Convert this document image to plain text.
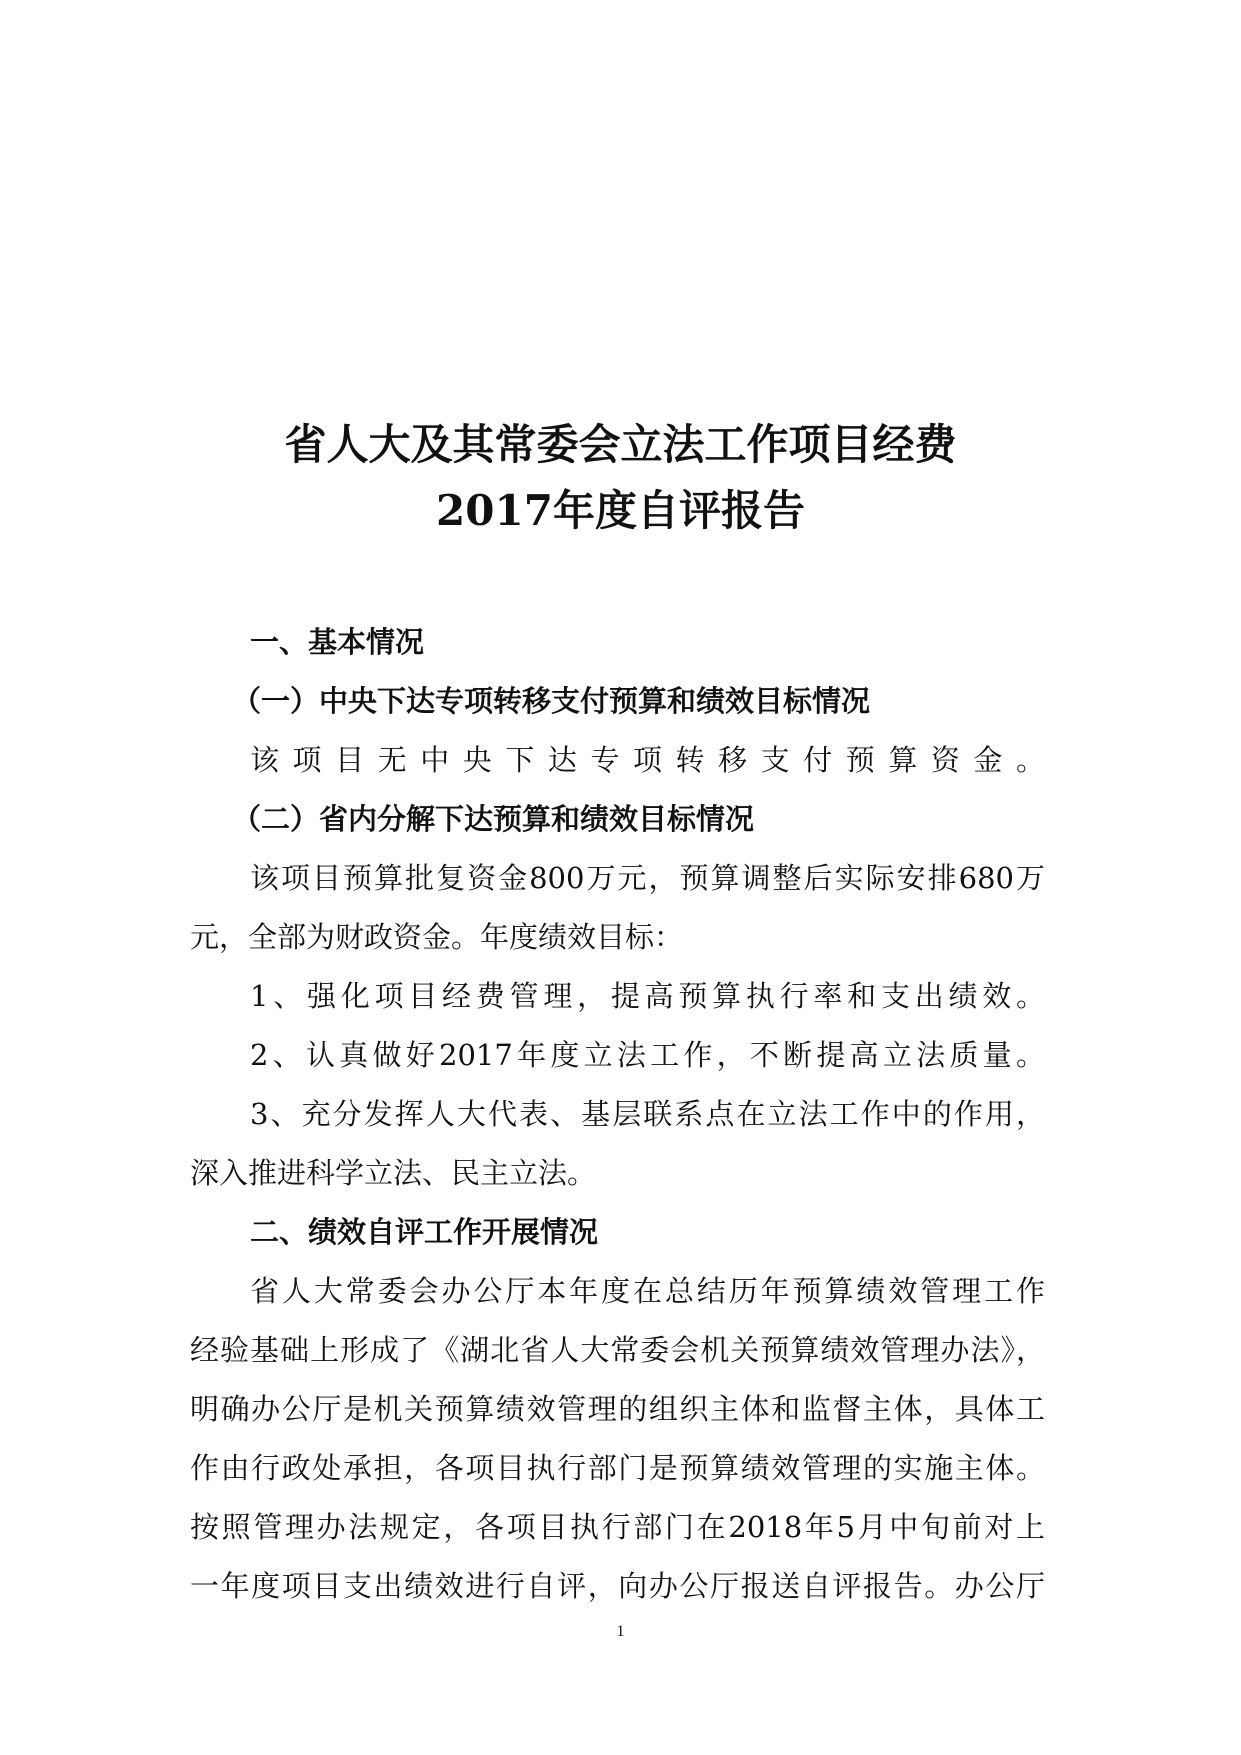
省人大及其常委会立法工作项目经费
2017年度自评报告
一、基本情况
（一）中央下达专项转移支付预算和绩效目标情况
该项目无中央下达专项转移支付预算资金。
（二）省内分解下达预算和绩效目标情况
该项目预算批复资金800万元，预算调整后实际安排680万
元，全部为财政资金。年度绩效目标：
1、强化项目经费管理，提高预算执行率和支出绩效。
2、认真做好2017年度立法工作，不断提高立法质量。
3、充分发挥人大代表、基层联系点在立法工作中的作用，
深入推进科学立法、民主立法。
二、绩效自评工作开展情况
省人大常委会办公厅本年度在总结历年预算绩效管理工作
经验基础上形成了《湖北省人大常委会机关预算绩效管理办法》，
明确办公厅是机关预算绩效管理的组织主体和监督主体，具体工
作由行政处承担，各项目执行部门是预算绩效管理的实施主体。
按照管理办法规定，各项目执行部门在2018年5月中旬前对上
一年度项目支出绩效进行自评，向办公厅报送自评报告。办公厅
1
